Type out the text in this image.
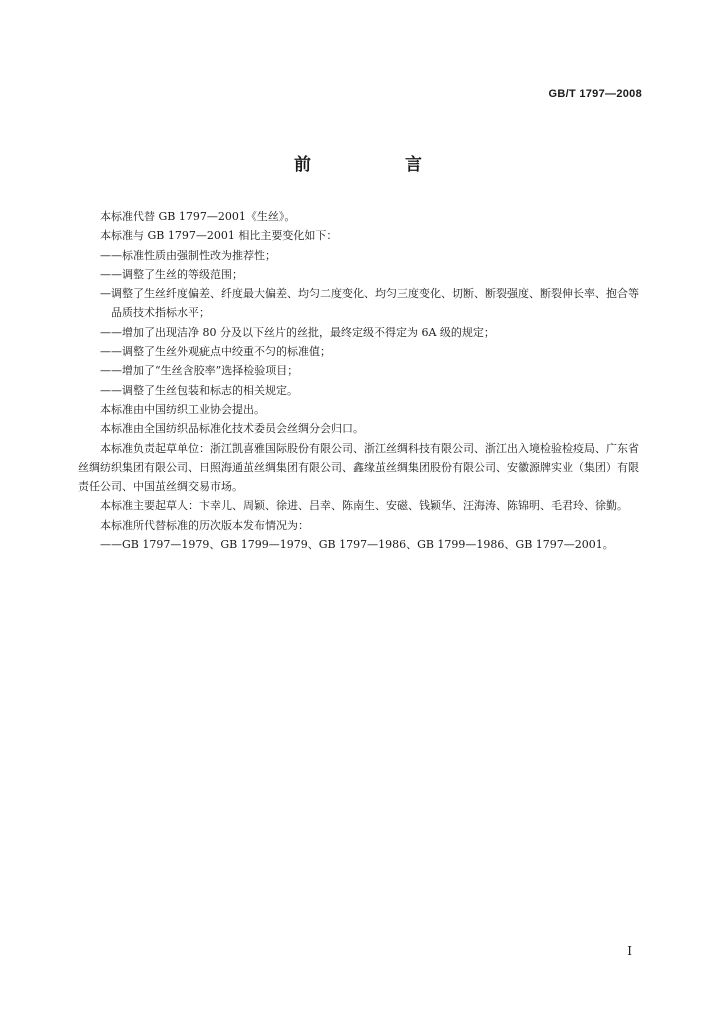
GB/T 1797—2008
前 言

本标准代替 GB 1797—2001《生丝》。

本标准与 GB 1797—2001 相比主要变化如下：

——标准性质由强制性改为推荐性；

——调整了生丝的等级范围；

—调整了生丝纤度偏差、纤度最大偏差、均匀二度变化、均匀三度变化、切断、断裂强度、断裂伸长率、抱合等品质技术指标水平；

——增加了出现洁净 80 分及以下丝片的丝批，最终定级不得定为 6A 级的规定；

——调整了生丝外观疵点中绞重不匀的标准值；

——增加了“生丝含胶率”选择检验项目；

——调整了生丝包装和标志的相关规定。

本标准由中国纺织工业协会提出。

本标准由全国纺织品标准化技术委员会丝绸分会归口。

本标准负责起草单位：浙江凯喜雅国际股份有限公司、浙江丝绸科技有限公司、浙江出入境检验检疫局、广东省丝绸纺织集团有限公司、日照海通茧丝绸集团有限公司、鑫缘茧丝绸集团股份有限公司、安徽源牌实业（集团）有限责任公司、中国茧丝绸交易市场。

本标准主要起草人：卞幸儿、周颖、徐进、吕幸、陈南生、安磁、钱颖华、汪海涛、陈锦明、毛君玲、徐勤。

本标准所代替标准的历次版本发布情况为：

——GB 1797—1979、GB 1799—1979、GB 1797—1986、GB 1799—1986、GB 1797—2001。

I
